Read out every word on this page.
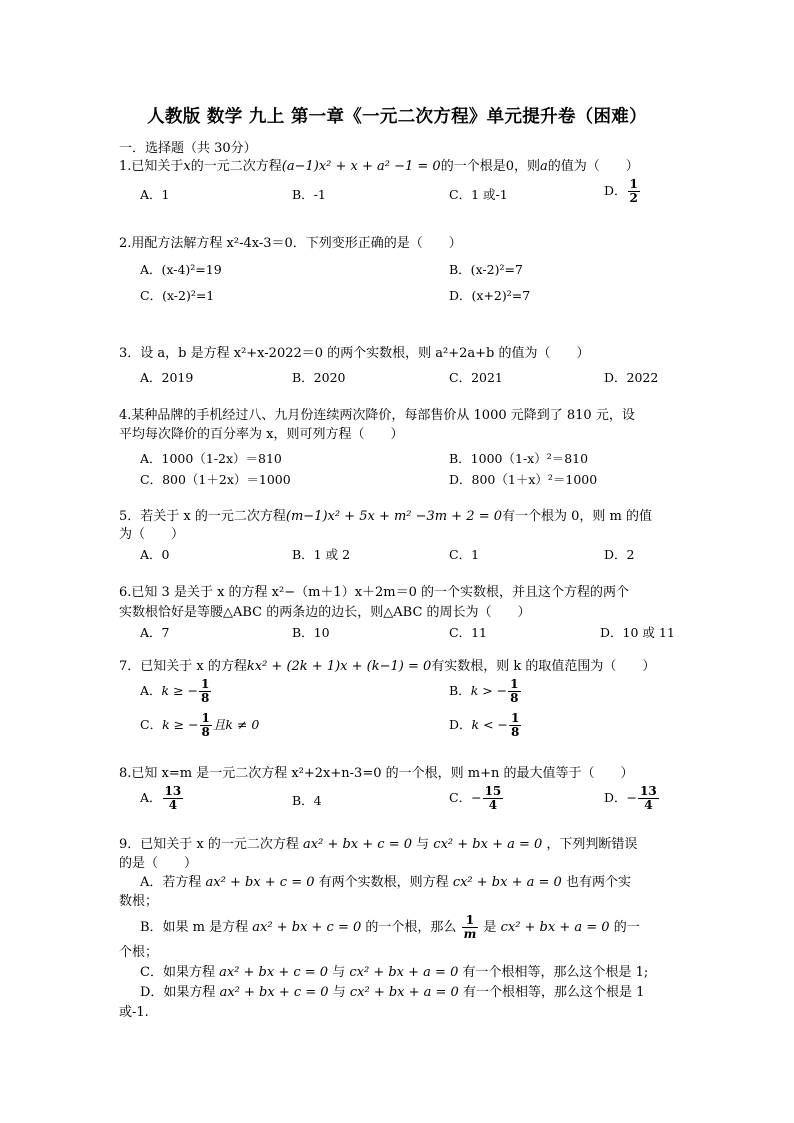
人教版 数学 九上 第一章《一元二次方程》单元提升卷（困难）
一．选择题（共 30分）
1.已知关于x的一元二次方程(a−1)x² + x + a² −1 = 0的一个根是0，则a的值为（　　）
A．1	B．-1	C．1 或-1	D． $\frac{1}{2}$
2.用配方法解方程 x²-4x-3＝0．下列变形正确的是（　　）
A．(x-4)²=19	B．(x-2)²=7
C．(x-2)²=1	D．(x+2)²=7
3．设 a，b 是方程 x²+x-2022＝0 的两个实数根，则 a²+2a+b 的值为（　　）
A．2019	B．2020	C．2021	D．2022
4.某种品牌的手机经过八、九月份连续两次降价，每部售价从 1000 元降到了 810 元，设
平均每次降价的百分率为 x，则可列方程（　　）
A．1000（1-2x）＝810	B．1000（1-x）²＝810
C．800（1＋2x）＝1000	D．800（1＋x）²＝1000
5．若关于 x 的一元二次方程(m−1)x² + 5x + m² −3m + 2 = 0有一个根为 0，则 m 的值
为（　　）
A．0	B．1 或 2	C．1	D．2
6.已知 3 是关于 x 的方程 x²−（m＋1）x＋2m＝0 的一个实数根，并且这个方程的两个
实数根恰好是等腰△ABC 的两条边的边长，则△ABC 的周长为（　　）
A．7	B．10	C．11	D．10 或 11
7．已知关于 x 的方程kx² + (2k + 1)x + (k−1) = 0有实数根，则 k 的取值范围为（　　）
A．k ≥ − $\frac{1}{8}$	B．k > − $\frac{1}{8}$
C．k ≥ − $\frac{1}{8}$ 且k ≠ 0	D．k < − $\frac{1}{8}$
8.已知 x=m 是一元二次方程 x²+2x+n-3=0 的一个根，则 m+n 的最大值等于（　　）
A． $\frac{13}{4}$	B．4	C．− $\frac{15}{4}$	D．− $\frac{13}{4}$
9．已知关于 x 的一元二次方程 ax² + bx + c = 0 与 cx² + bx + a = 0 ，下列判断错误
的是（　　）
A．若方程 ax² + bx + c = 0 有两个实数根，则方程 cx² + bx + a = 0 也有两个实
数根；
B．如果 m 是方程 ax² + bx + c = 0 的一个根，那么 $\frac{1}{m}$ 是 cx² + bx + a = 0 的一
个根；
C．如果方程 ax² + bx + c = 0 与 cx² + bx + a = 0 有一个根相等，那么这个根是 1;
D．如果方程 ax² + bx + c = 0 与 cx² + bx + a = 0 有一个根相等，那么这个根是 1
或-1.
